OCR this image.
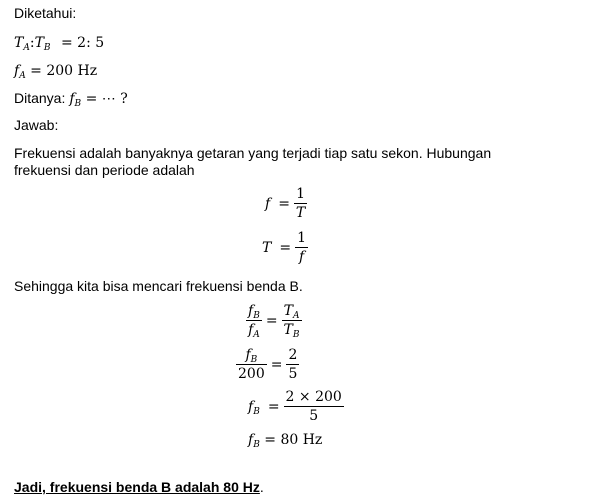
Diketahui:
$T_A:T_B = 2$: 5
$f_A = 200$ Hz
Ditanya: $f_B$ = ⋯ ?
Jawab:
Frekuensi adalah banyaknya getaran yang terjadi tiap satu sekon. Hubungan
frekuensi dan periode adalah
$f = \frac{1}{T}$
$T = \frac{1}{f}$
Sehingga kita bisa mencari frekuensi benda B.
$\frac{f_B}{f_A} = \frac{T_A}{T_B}$
$\frac{f_B}{200} = \frac{2}{5}$
$f_B = \frac{2 \times 200}{5}$
$f_B = 80$ Hz
Jadi, frekuensi benda B adalah 80 Hz.
